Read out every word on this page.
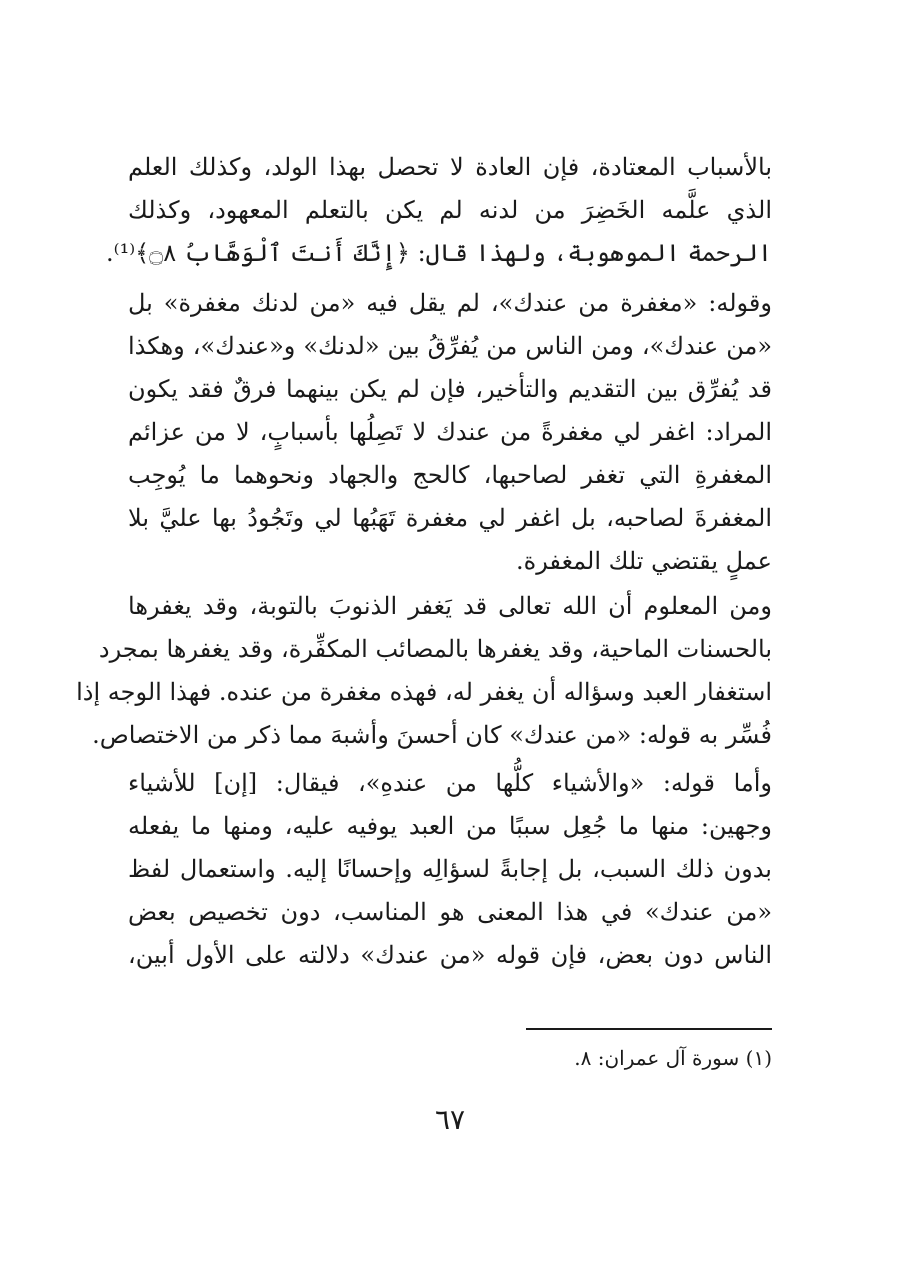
بالأسباب المعتادة، فإن العادة لا تحصل بهذا الولد، وكذلك العلم
الذي علَّمه الخَضِرَ من لدنه لم يكن بالتعلم المعهود، وكذلك
الرحمة الموهوبة، ولهذا قال: ﴿إِنَّكَ أَنتَ ٱلْوَهَّابُ ۝٨﴾⁽¹⁾.
وقوله: «مغفرة من عندك»، لم يقل فيه «من لدنك مغفرة» بل
«من عندك»، ومن الناس من يُفرِّقُ بين «لدنك» و«عندك»، وهكذا
قد يُفرِّق بين التقديم والتأخير، فإن لم يكن بينهما فرقٌ فقد يكون
المراد: اغفر لي مغفرةً من عندك لا تَصِلُها بأسبابٍ، لا من عزائم
المغفرةِ التي تغفر لصاحبها، كالحج والجهاد ونحوهما ما يُوجِب
المغفرةَ لصاحبه، بل اغفر لي مغفرة تَهَبُها لي وتَجُودُ بها عليَّ بلا
عملٍ يقتضي تلك المغفرة.
ومن المعلوم أن الله تعالى قد يَغفر الذنوبَ بالتوبة، وقد يغفرها
بالحسنات الماحية، وقد يغفرها بالمصائب المكفِّرة، وقد يغفرها بمجرد
استغفار العبد وسؤاله أن يغفر له، فهذه مغفرة من عنده. فهذا الوجه إذا
فُسِّر به قوله: «من عندك» كان أحسنَ وأشبهَ مما ذكر من الاختصاص.
وأما قوله: «والأشياء كلُّها من عندهِ»، فيقال: [إن] للأشياء
وجهين: منها ما جُعِل سببًا من العبد يوفيه عليه، ومنها ما يفعله
بدون ذلك السبب، بل إجابةً لسؤالِه وإحسانًا إليه. واستعمال لفظ
«من عندك» في هذا المعنى هو المناسب، دون تخصيص بعض
الناس دون بعض، فإن قوله «من عندك» دلالته على الأول أبين،
(١) سورة آل عمران: ٨.
٦٧
